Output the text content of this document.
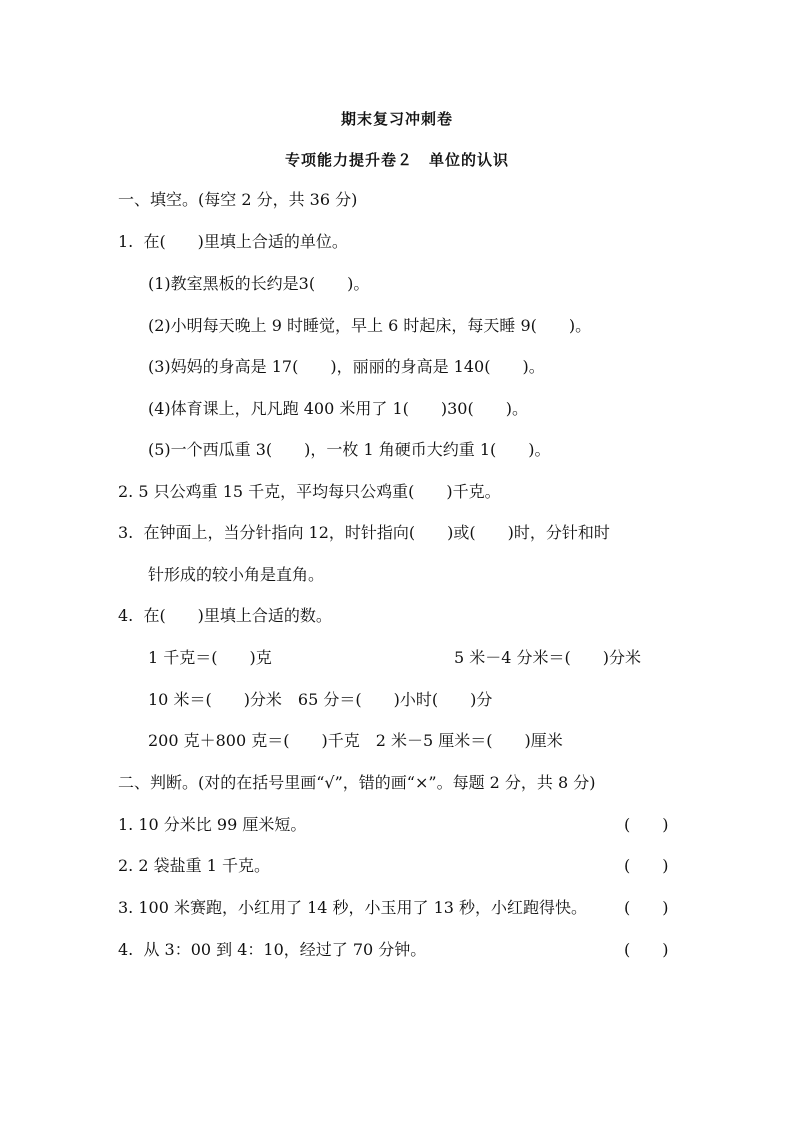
期末复习冲刺卷
专项能力提升卷２　单位的认识
一、填空。(每空 2 分，共 36 分)
1.  在(　　)里填上合适的单位。
(1)教室黑板的长约是3(　　)。
(2)小明每天晚上 9 时睡觉，早上 6 时起床，每天睡 9(　　)。
(3)妈妈的身高是 17(　　)，丽丽的身高是 140(　　)。
(4)体育课上，凡凡跑 400 米用了 1(　　)30(　　)。
(5)一个西瓜重 3(　　)，一枚 1 角硬币大约重 1(　　)。
2. 5 只公鸡重 15 千克，平均每只公鸡重(　　)千克。
3.  在钟面上，当分针指向 12，时针指向(　　)或(　　)时，分针和时
针形成的较小角是直角。
4.  在(　　)里填上合适的数。
1 千克＝(　　)克	5 米－4 分米＝(　　)分米
10 米＝(　　)分米　65 分＝(　　)小时(　　)分
200 克＋800 克＝(　　)千克　2 米－5 厘米＝(　　)厘米
二、判断。(对的在括号里画“√”，错的画“×”。每题 2 分，共 8 分)
1. 10 分米比 99 厘米短。	(　　)
2. 2 袋盐重 1 千克。	(　　)
3. 100 米赛跑，小红用了 14 秒，小玉用了 13 秒，小红跑得快。 (　　)
4.  从 3：00 到 4：10，经过了 70 分钟。	(　　)
